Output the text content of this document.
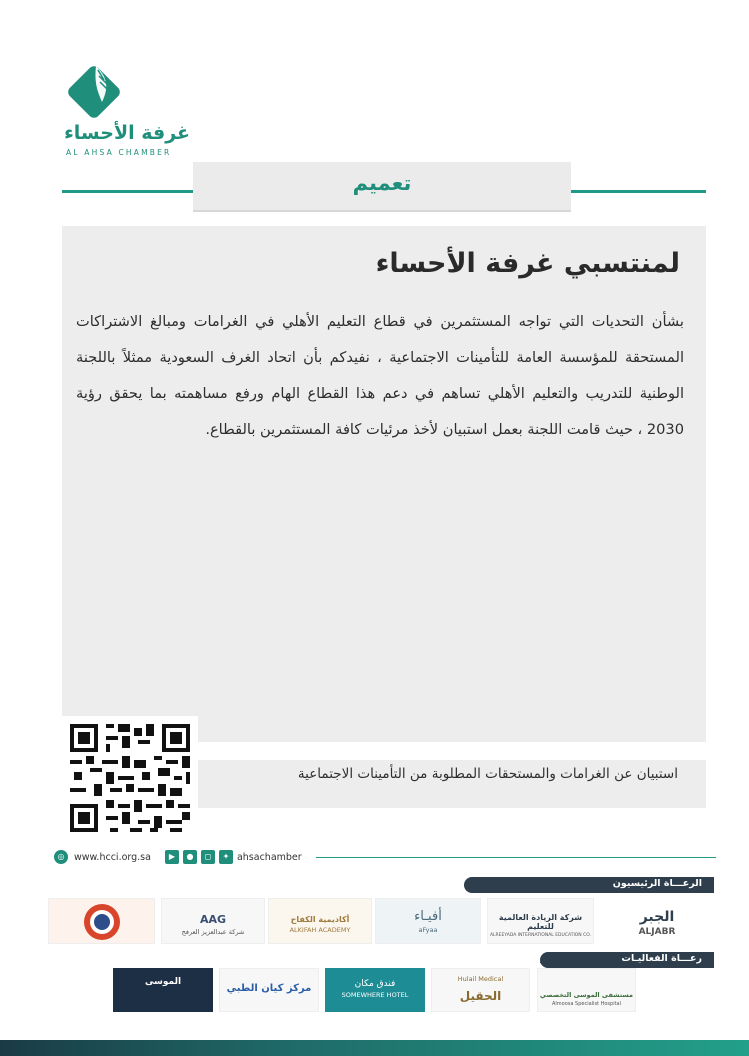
غرفة الأحساء
AL AHSA CHAMBER
تعميم
لمنتسبي غرفة الأحساء
بشأن التحديات التي تواجه المستثمرين في قطاع التعليم الأهلي في الغرامات ومبالغ الاشتراكات المستحقة للمؤسسة العامة للتأمينات الاجتماعية ، نفيدكم بأن اتحاد الغرف السعودية ممثلاً باللجنة الوطنية للتدريب والتعليم الأهلي تساهم في دعم هذا القطاع الهام ورفع مساهمته بما يحقق رؤية 2030 ، حيث قامت اللجنة بعمل استبيان لأخذ مرئيات كافة المستثمرين بالقطاع.
استبيان عن الغرامات والمستحقات المطلوبة من التأمينات الاجتماعية
◎	www.hcci.org.sa	▶	●	◻	✦ ahsachamber
الرعـــاة الرئيسيون
الجبر
ALJABR
شركة الريادة العالمية للتعليم
ALREEYADA INTERNATIONAL EDUCATION CO.
أفيـاء
aFyaa
أكاديمية الكفاح
ALKIFAH ACADEMY
AAG
شركة عبدالعزيز العرفج
رعـــاة الفعاليـات
مستشفى الموسى التخصصي
Almoosa Specialist Hospital
Hulail Medical
الحقيل
فندق مكان
SOMEWHERE HOTEL
مركز كيان الطبي
الموسى
